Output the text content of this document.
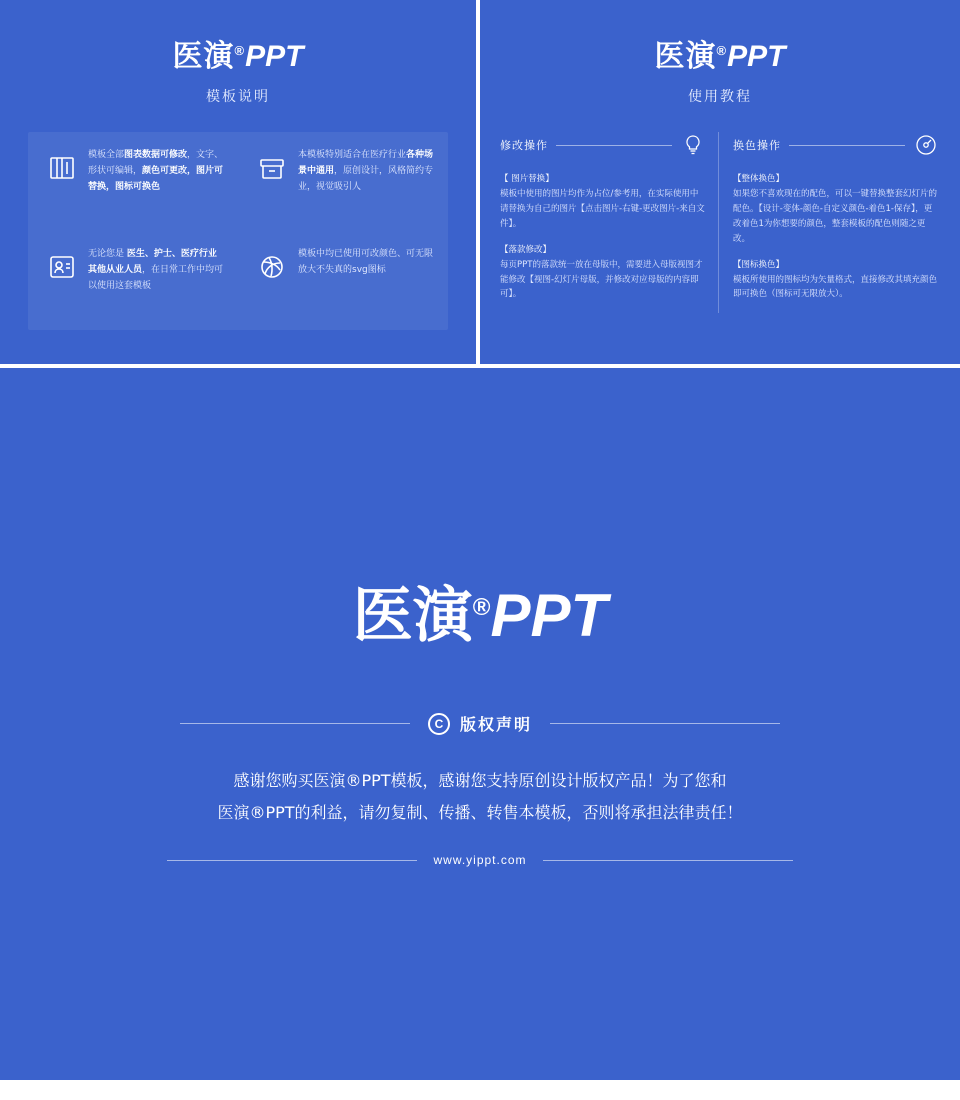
医演®PPT
模板说明
模板全部图表数据可修改，文字、形状可编辑，颜色可更改，图片可替换，图标可换色
本模板特别适合在医疗行业各种场景中通用，原创设计，风格简约专业，视觉吸引人
无论您是 医生、护士、医疗行业其他从业人员，在日常工作中均可以使用这套模板
模板中均已使用可改颜色、可无限放大不失真的svg图标
医演®PPT
使用教程
修改操作
【 图片替换】
模板中使用的图片均作为占位/参考用，在实际使用中请替换为自己的图片【点击图片-右键-更改图片-来自文件】。
【落款修改】
每页PPT的落款统一放在母版中，需要进入母版视图才能修改【视图-幻灯片母版，并修改对应母版的内容即可】。
换色操作
【整体换色】
如果您不喜欢现在的配色，可以一键替换整套幻灯片的配色。【设计-变体-颜色-自定义颜色-着色1-保存】，更改着色1为你想要的颜色，整套模板的配色则随之更改。
【图标换色】
模板所使用的图标均为矢量格式，直接修改其填充颜色即可换色（图标可无限放大）。
医演®PPT
C	版权声明
感谢您购买医演®PPT模板，感谢您支持原创设计版权产品！为了您和
医演®PPT的利益，请勿复制、传播、转售本模板，否则将承担法律责任！
www.yippt.com
